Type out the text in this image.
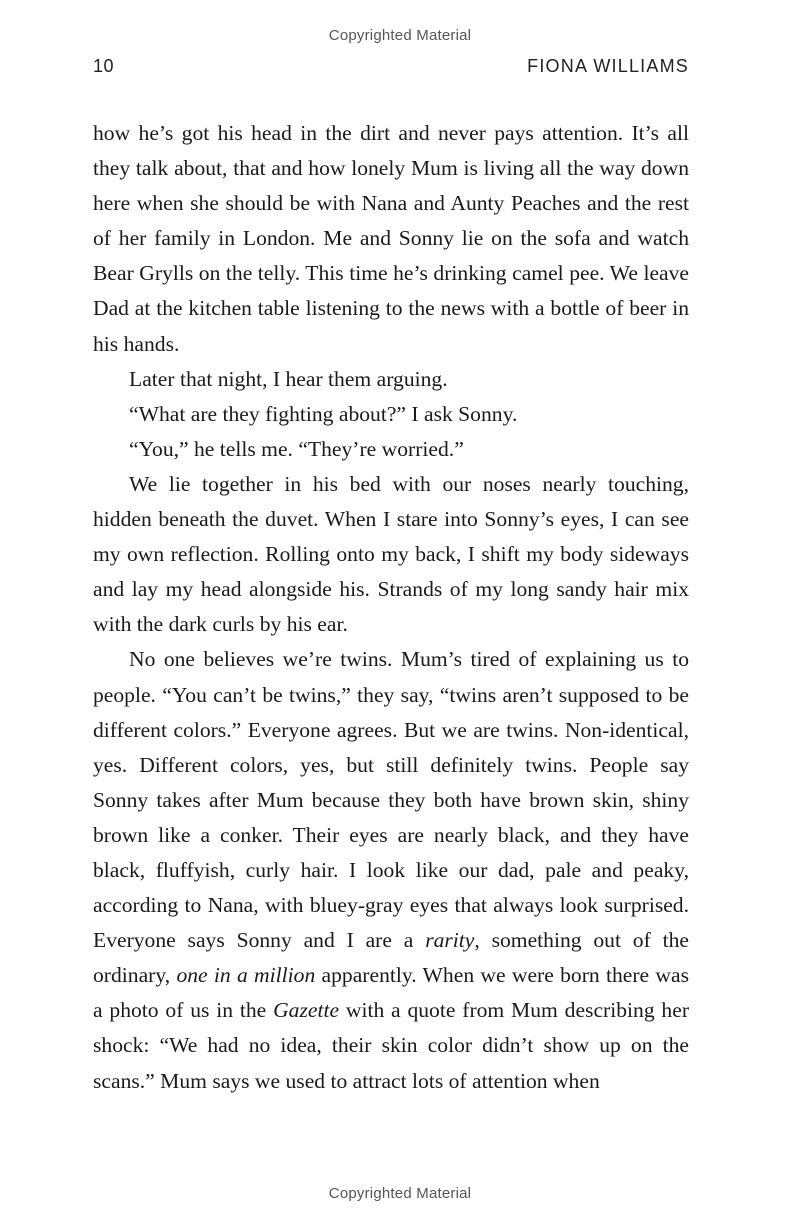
Copyrighted Material
10	FIONA WILLIAMS

how he’s got his head in the dirt and never pays attention. It’s all they talk about, that and how lonely Mum is living all the way down here when she should be with Nana and Aunty Peaches and the rest of her family in London. Me and Sonny lie on the sofa and watch Bear Grylls on the telly. This time he’s drinking camel pee. We leave Dad at the kitchen table listening to the news with a bottle of beer in his hands.

Later that night, I hear them arguing.

“What are they fighting about?” I ask Sonny.

“You,” he tells me. “They’re worried.”

We lie together in his bed with our noses nearly touching, hidden beneath the duvet. When I stare into Sonny’s eyes, I can see my own reflection. Rolling onto my back, I shift my body sideways and lay my head alongside his. Strands of my long sandy hair mix with the dark curls by his ear.

No one believes we’re twins. Mum’s tired of explaining us to people. “You can’t be twins,” they say, “twins aren’t supposed to be different colors.” Everyone agrees. But we are twins. Non-identical, yes. Different colors, yes, but still definitely twins. People say Sonny takes after Mum because they both have brown skin, shiny brown like a conker. Their eyes are nearly black, and they have black, fluffyish, curly hair. I look like our dad, pale and peaky, according to Nana, with bluey-gray eyes that always look surprised. Everyone says Sonny and I are a rarity, something out of the ordinary, one in a million apparently. When we were born there was a photo of us in the Gazette with a quote from Mum describing her shock: “We had no idea, their skin color didn’t show up on the scans.” Mum says we used to attract lots of attention when

Copyrighted Material
